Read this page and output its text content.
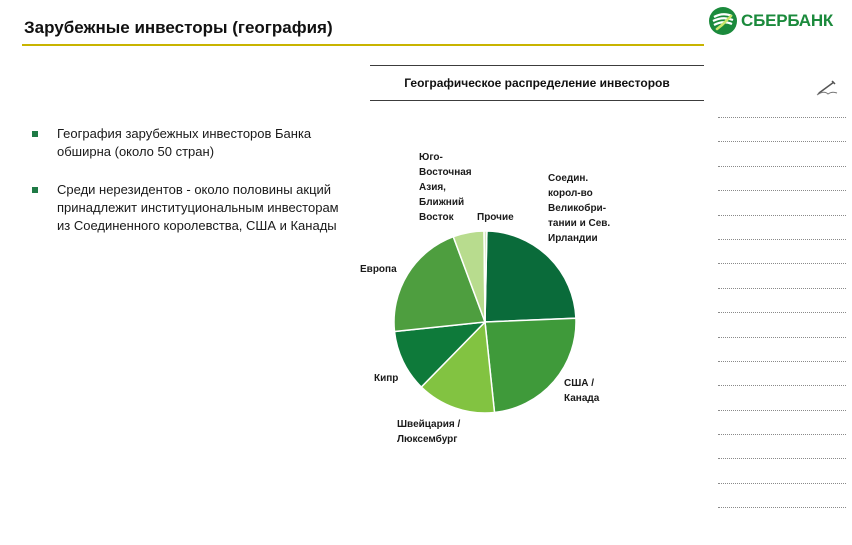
Зарубежные инвесторы (география)	СБЕРБАНК
География зарубежных инвесторов Банка обширна (около 50 стран)
Среди нерезидентов - около половины акций принадлежит институциональным инвесторам из Соединенного королевства, США и Канады
Географическое распределение инвесторов
Соедин.
корол-во
Великобри-
тании и Сев.
Ирландии
США /
Канада
Швейцария /
Люксембург
Кипр
Европа
Юго-
Восточная
Азия,
Ближний
Восток	Прочие
